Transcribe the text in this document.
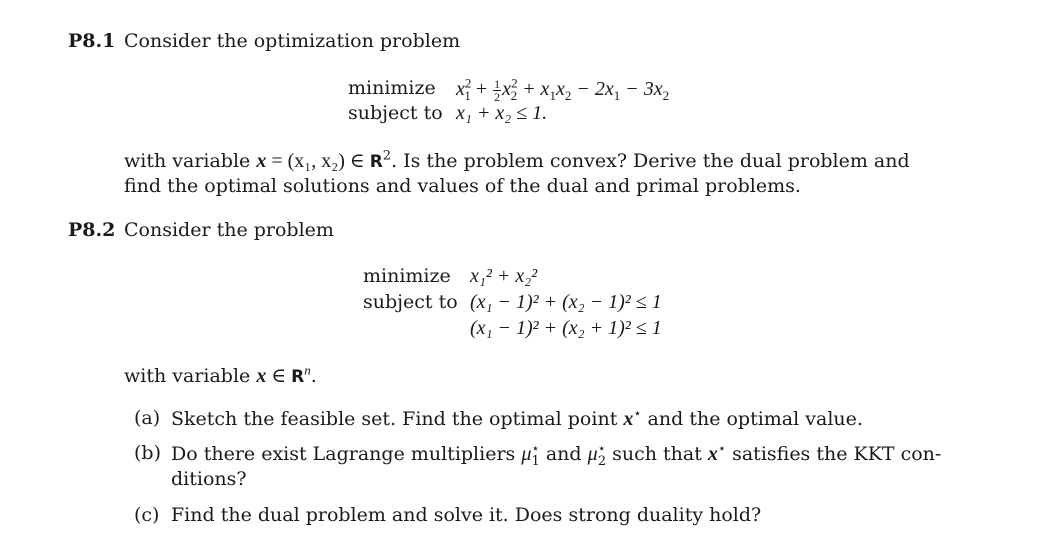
P8.1 Consider the optimization problem
minimize $x^2_1 + \frac{1}{2} x^2_2 + x_1x_2 - 2x_1 - 3x_2$
subject to x₁ + x₂ ≤ 1.
with variable x = (x₁, x₂) ∈ $R^2$. Is the problem convex? Derive the dual problem and
find the optimal solutions and values of the dual and primal problems.
P8.2 Consider the problem
minimize x₁² + x₂²
subject to (x₁ − 1)² + (x₂ − 1)² ≤ 1
(x₁ − 1)² + (x₂ + 1)² ≤ 1
with variable x ∈ $R^n$.
(a) Sketch the feasible set. Find the optimal point x⋆ and the optimal value.
(b) Do there exist Lagrange multipliers $\mu^⋆_1$ and $\mu^⋆_2$ such that x⋆ satisfies the KKT con-
ditions?
(c) Find the dual problem and solve it. Does strong duality hold?
